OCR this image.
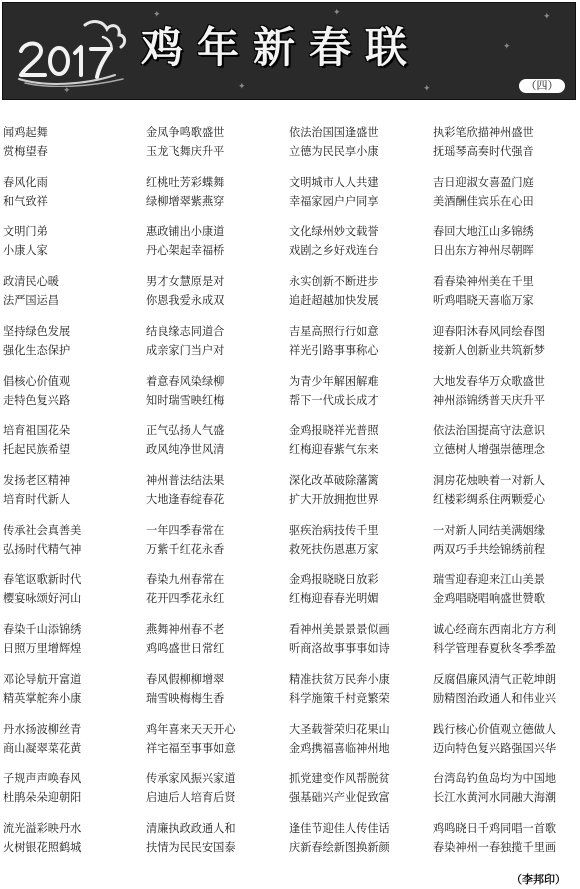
✦
✦
✦
✦
✦
✦
✦
鸡年新春联
（四）
闻鸡起舞
赏梅望春
金凤争鸣歌盛世
玉龙飞舞庆升平
依法治国国逢盛世
立德为民民享小康
执彩笔欣描神州盛世
抚瑶琴高奏时代强音
春风化雨
和气致祥
红桃吐芳彩蝶舞
绿柳增翠紫燕穿
文明城市人人共建
幸福家园户户同享
吉日迎淑女喜盈门庭
美酒酬佳宾乐在心田
文明门弟
小康人家
惠政铺出小康道
丹心架起幸福桥
文化绿州妙文载誉
戏剧之乡好戏连台
春回大地江山多锦绣
日出东方神州尽朝晖
政清民心暖
法严国运昌
男才女慧原是对
你恩我爱永成双
永实创新不断进步
追赶超越加快发展
看春染神州美在千里
听鸡唱晓天喜临万家
坚持绿色发展
强化生态保护
结良缘志同道合
成亲家门当户对
吉星高照行行如意
祥光引路事事称心
迎春阳沐春风同绘春图
接新人创新业共筑新梦
倡核心价值观
走特色复兴路
着意春风染绿柳
知时瑞雪映红梅
为青少年解困解难
帮下一代成长成才
大地发春华万众歌盛世
神州添锦绣普天庆升平
培育祖国花朵
托起民族希望
正气弘扬人气盛
政风纯净世风清
金鸡报晓祥光普照
红梅迎春紫气东来
依法治国提高守法意识
立德树人增强崇德理念
发扬老区精神
培育时代新人
神州普法结法果
大地逢春绽春花
深化改革破除藩篱
扩大开放拥抱世界
洞房花烛映着一对新人
红楼彩绸系住两颗爱心
传承社会真善美
弘扬时代精气神
一年四季春常在
万紫千红花永香
驱疾治病技传千里
救死扶伤恩惠万家
一对新人同结美满姻缘
两双巧手共绘锦绣前程
春笔讴歌新时代
樱宴咏颂好河山
春染九州春常在
花开四季花永红
金鸡报晓晓日放彩
红梅迎春春光明媚
瑞雪迎春迎来江山美景
金鸡唱晓唱响盛世赞歌
春染千山添锦绣
日照万里增辉煌
燕舞神州春不老
鸡鸣盛世日常红
看神州美景景景似画
听商洛故事事事如诗
诚心经商东西南北方方利
科学管理春夏秋冬季季盈
邓论导航开富道
精英掌舵奔小康
春风假柳柳增翠
瑞雪映梅梅生香
精准扶贫万民奔小康
科学施策千村竞繁荣
反腐倡廉风清气正乾坤朗
励精图治政通人和伟业兴
丹水扬波柳丝青
商山凝翠菜花黄
鸡年喜来天天开心
祥宅福至事事如意
大圣载誉荣归花果山
金鸡携福喜临神州地
践行核心价值观立德做人
迈向特色复兴路强国兴华
子规声声唤春风
杜鹃朵朵迎朝阳
传承家风振兴家道
启迪后人培育后贤
抓党建变作风帮脱贫
强基础兴产业促致富
台湾岛钓鱼岛均为中国地
长江水黄河水同融大海潮
流光溢彩映丹水
火树银花照鹤城
清廉执政政通人和
扶情为民民安国泰
逢佳节迎佳人传佳话
庆新春绘新图换新颜
鸡鸣晓日千鸡同唱一首歌
春染神州一春独揽千里画
（李邦印）
